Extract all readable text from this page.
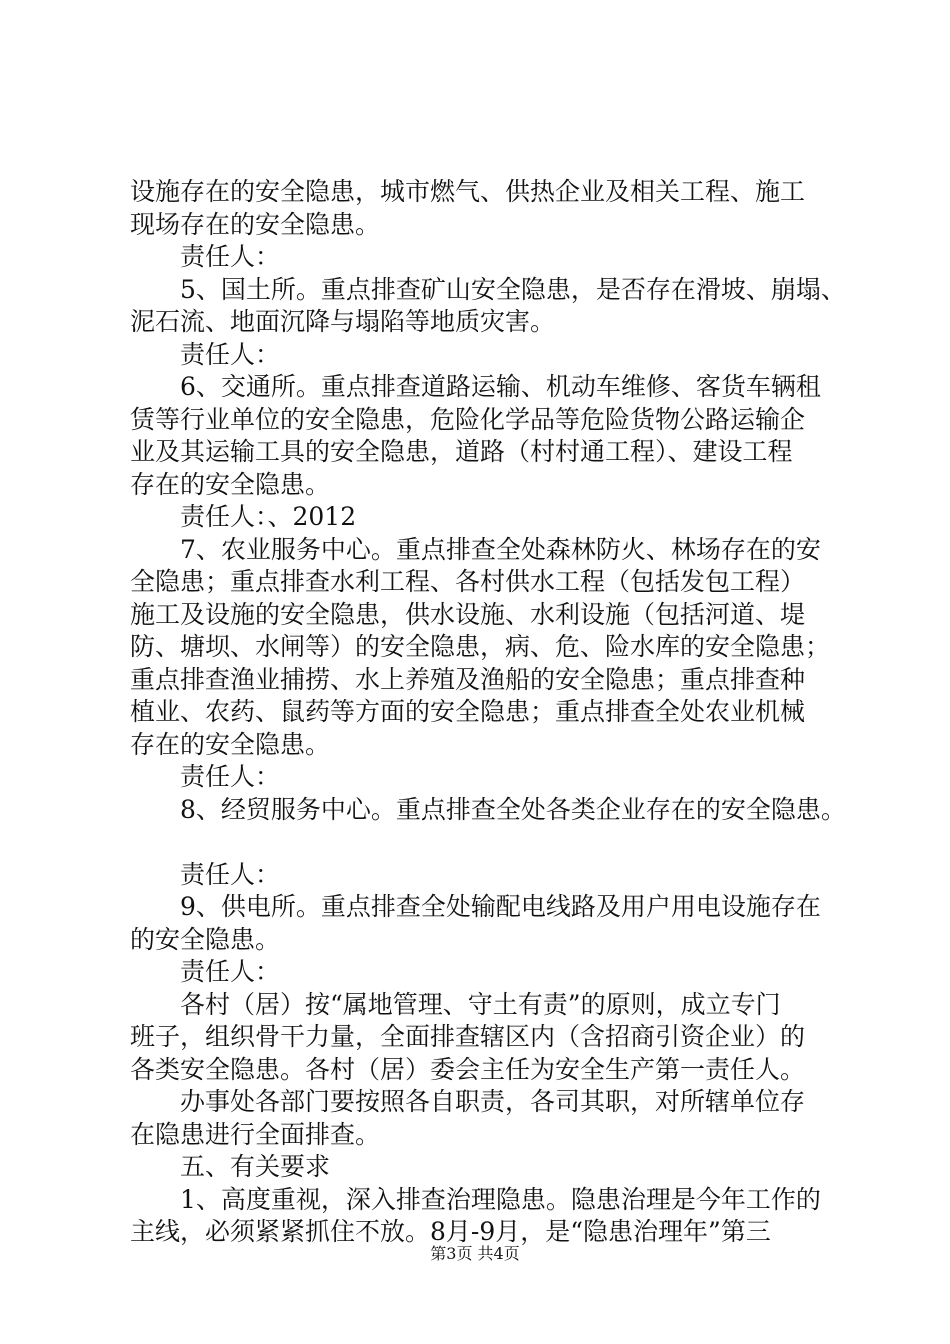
设施存在的安全隐患，城市燃气、供热企业及相关工程、施工
现场存在的安全隐患。
责任人：
5、国土所。重点排查矿山安全隐患，是否存在滑坡、崩塌、
泥石流、地面沉降与塌陷等地质灾害。
责任人：
6、交通所。重点排查道路运输、机动车维修、客货车辆租
赁等行业单位的安全隐患，危险化学品等危险货物公路运输企
业及其运输工具的安全隐患，道路（村村通工程）、建设工程
存在的安全隐患。
责任人：、2012
7、农业服务中心。重点排查全处森林防火、林场存在的安
全隐患；重点排查水利工程、各村供水工程（包括发包工程）
施工及设施的安全隐患，供水设施、水利设施（包括河道、堤
防、塘坝、水闸等）的安全隐患，病、危、险水库的安全隐患；
重点排查渔业捕捞、水上养殖及渔船的安全隐患；重点排查种
植业、农药、鼠药等方面的安全隐患；重点排查全处农业机械
存在的安全隐患。
责任人：
8、经贸服务中心。重点排查全处各类企业存在的安全隐患。
责任人：
9、供电所。重点排查全处输配电线路及用户用电设施存在
的安全隐患。
责任人：
各村（居）按“属地管理、守土有责”的原则，成立专门
班子，组织骨干力量，全面排查辖区内（含招商引资企业）的
各类安全隐患。各村（居）委会主任为安全生产第一责任人。
办事处各部门要按照各自职责，各司其职，对所辖单位存
在隐患进行全面排查。
五、有关要求
1、高度重视，深入排查治理隐患。隐患治理是今年工作的
主线，必须紧紧抓住不放。8月-9月，是“隐患治理年”第三
第3页 共4页
